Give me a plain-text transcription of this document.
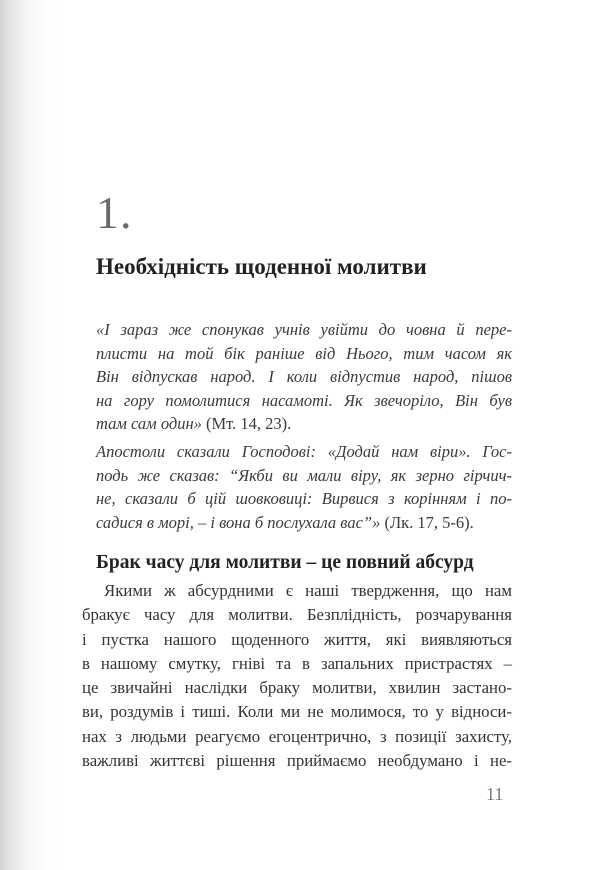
1.
Необхідність щоденної молитви
«І зараз же спонукав учнів увійти до човна й пере-
плисти на той бік раніше від Нього, тим часом як
Він відпускав народ. І коли відпустив народ, пішов
на гору помолитися насамоті. Як звечоріло, Він був
там сам один» (Мт. 14, 23).
Апостоли сказали Господові: «Додай нам віри». Гос-
подь же сказав: “Якби ви мали віру, як зерно гірчич-
не, сказали б цій шовковиці: Вирвися з корінням і по-
садися в морі, – і вона б послухала вас”» (Лк. 17, 5-6).
Брак часу для молитви – це повний абсурд
Якими ж абсурдними є наші твердження, що нам
бракує часу для молитви. Безплідність, розчарування
і пустка нашого щоденного життя, які виявляються
в нашому смутку, гніві та в запальних пристрастях –
це звичайні наслідки браку молитви, хвилин застано-
ви, роздумів і тиші. Коли ми не молимося, то у відноси-
нах з людьми реагуємо егоцентрично, з позиції захисту,
важливі життєві рішення приймаємо необдумано і не-
11
